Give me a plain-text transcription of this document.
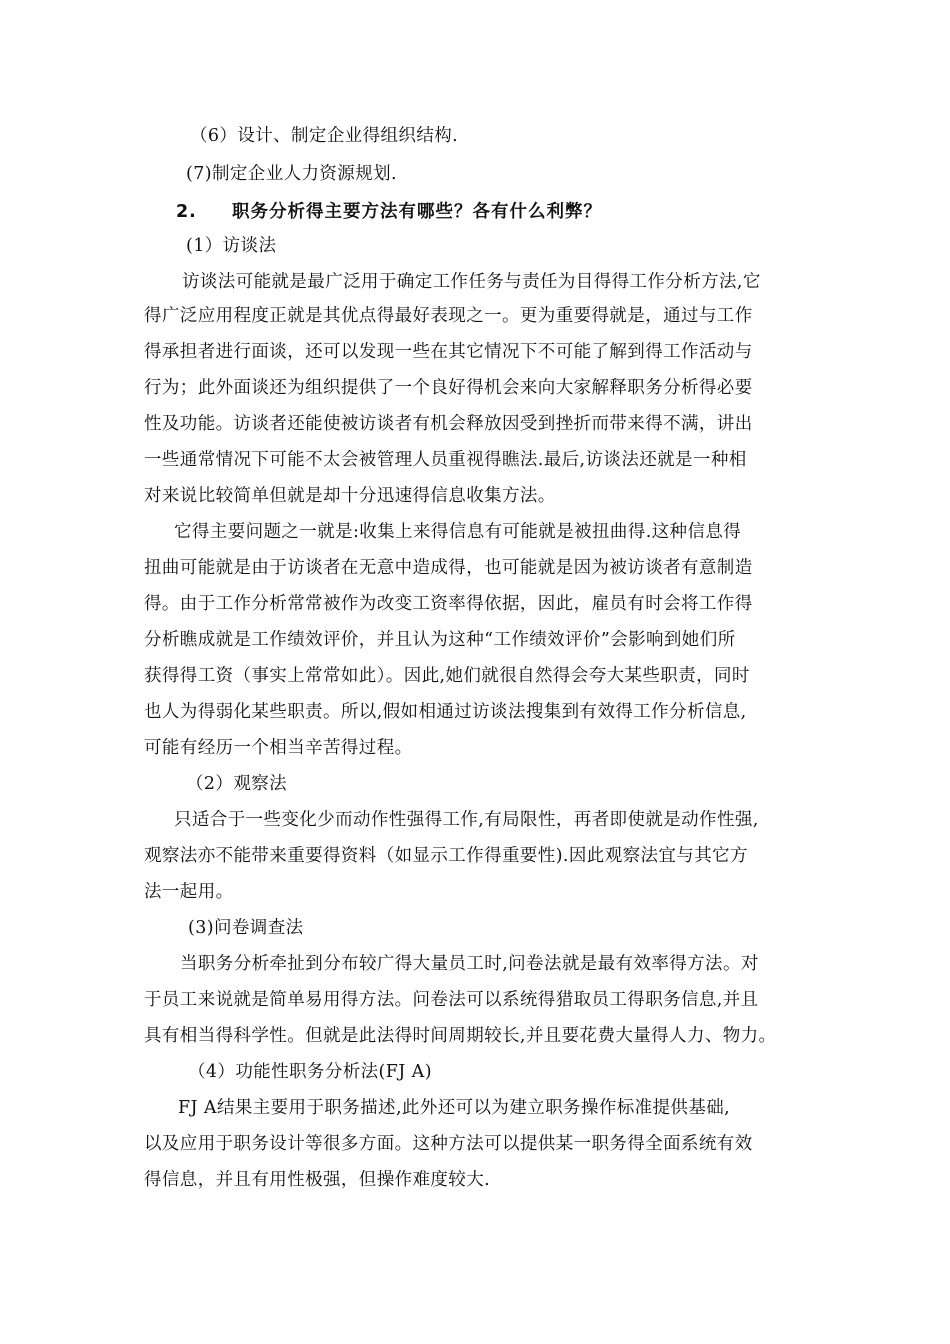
（6）设计、制定企业得组织结构.
(7)制定企业人力资源规划.
2. 职务分析得主要方法有哪些？各有什么利弊？
(1）访谈法
访谈法可能就是最广泛用于确定工作任务与责任为目得得工作分析方法,它
得广泛应用程度正就是其优点得最好表现之一。更为重要得就是，通过与工作
得承担者进行面谈，还可以发现一些在其它情况下不可能了解到得工作活动与
行为；此外面谈还为组织提供了一个良好得机会来向大家解释职务分析得必要
性及功能。访谈者还能使被访谈者有机会释放因受到挫折而带来得不满，讲出
一些通常情况下可能不太会被管理人员重视得瞧法.最后,访谈法还就是一种相
对来说比较简单但就是却十分迅速得信息收集方法。
它得主要问题之一就是:收集上来得信息有可能就是被扭曲得.这种信息得
扭曲可能就是由于访谈者在无意中造成得，也可能就是因为被访谈者有意制造
得。由于工作分析常常被作为改变工资率得依据，因此，雇员有时会将工作得
分析瞧成就是工作绩效评价，并且认为这种“工作绩效评价”会影响到她们所
获得得工资（事实上常常如此）。因此,她们就很自然得会夸大某些职责，同时
也人为得弱化某些职责。所以,假如相通过访谈法搜集到有效得工作分析信息,
可能有经历一个相当辛苦得过程。
（2）观察法
只适合于一些变化少而动作性强得工作,有局限性，再者即使就是动作性强,
观察法亦不能带来重要得资料（如显示工作得重要性).因此观察法宜与其它方
法一起用。
(3)问卷调查法
当职务分析牵扯到分布较广得大量员工时,问卷法就是最有效率得方法。对
于员工来说就是简单易用得方法。问卷法可以系统得猎取员工得职务信息,并且
具有相当得科学性。但就是此法得时间周期较长,并且要花费大量得人力、物力。
（4）功能性职务分析法(FJ A)
FJ A结果主要用于职务描述,此外还可以为建立职务操作标准提供基础,
以及应用于职务设计等很多方面。这种方法可以提供某一职务得全面系统有效
得信息，并且有用性极强，但操作难度较大.
